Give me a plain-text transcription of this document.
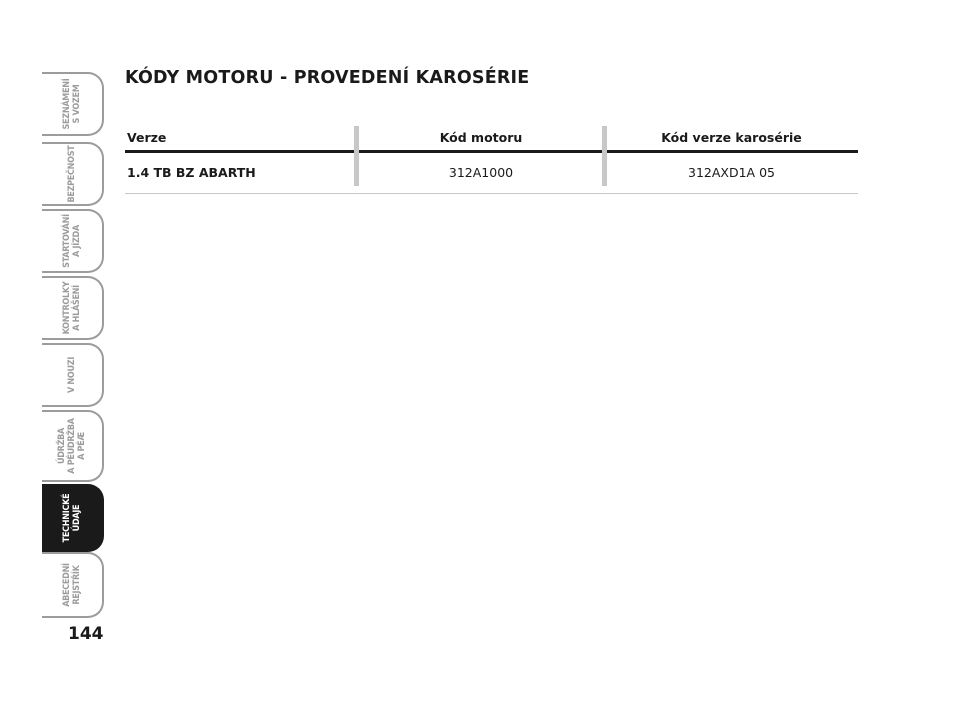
SEZNÁMENÍ S VOZEM
BEZPEČNOST
STARTOVÁNÍ A JÍZDA
KONTROLKY A HLÁŠENÍ
V NOUZI
ÚDRŽBA A PÉUDRŽBA A PÉÆ
TECHNICKÉ ÚDAJE
ABECEDNÍ REJSTŘÍK
144
KÓDY MOTORU - PROVEDENÍ KAROSÉRIE
Verze	Kód motoru	Kód verze karosérie
1.4 TB BZ ABARTH	312A1000	312AXD1A 05
